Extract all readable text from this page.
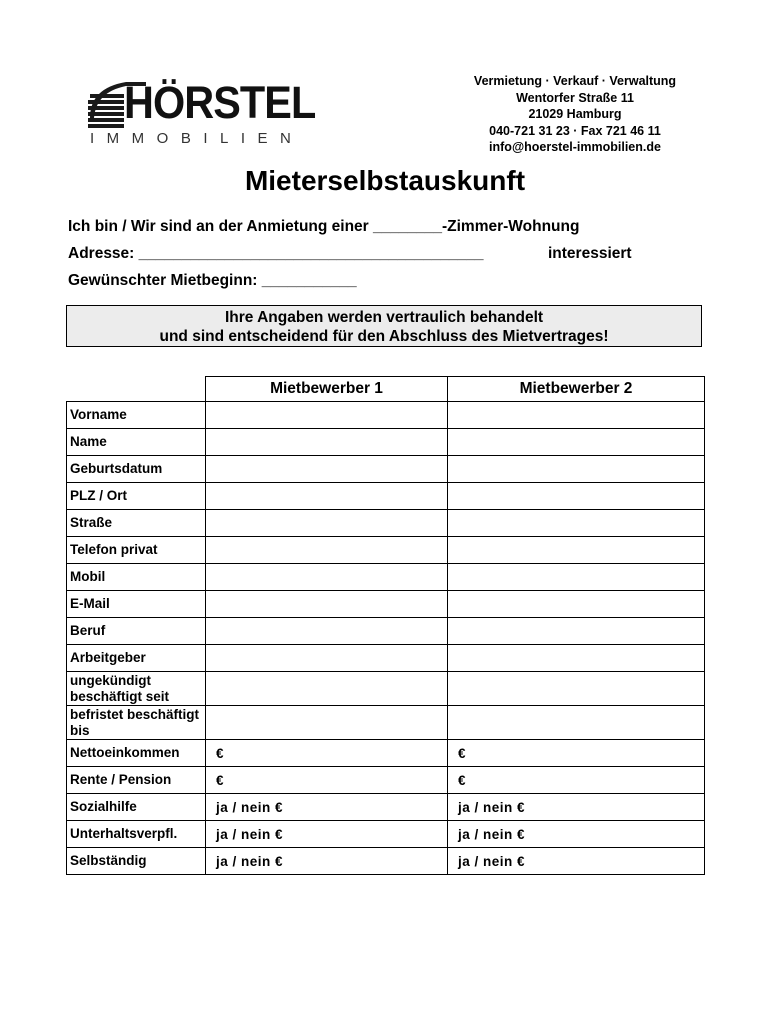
HÖRSTEL
IMMOBILIEN
Vermietung · Verkauf · Verwaltung
Wentorfer Straße 11
21029 Hamburg
040-721 31 23 · Fax 721 46 11
info@hoerstel-immobilien.de
Mieterselbstauskunft
Ich bin / Wir sind an der Anmietung einer ________-Zimmer-Wohnung
Adresse: ________________________________________	interessiert
Gewünschter Mietbeginn: ___________
Ihre Angaben werden vertraulich behandelt
und sind entscheidend für den Abschluss des Mietvertrages!
	Mietbewerber 1	Mietbewerber 2
Vorname		
Name		
Geburtsdatum		
PLZ / Ort		
Straße		
Telefon privat		
Mobil		
E-Mail		
Beruf		
Arbeitgeber		
ungekündigt beschäftigt seit		
befristet beschäftigt bis		
Nettoeinkommen	€	€
Rente / Pension	€	€
Sozialhilfe	ja / nein €	ja / nein €
Unterhaltsverpfl.	ja / nein €	ja / nein €
Selbständig	ja / nein €	ja / nein €
